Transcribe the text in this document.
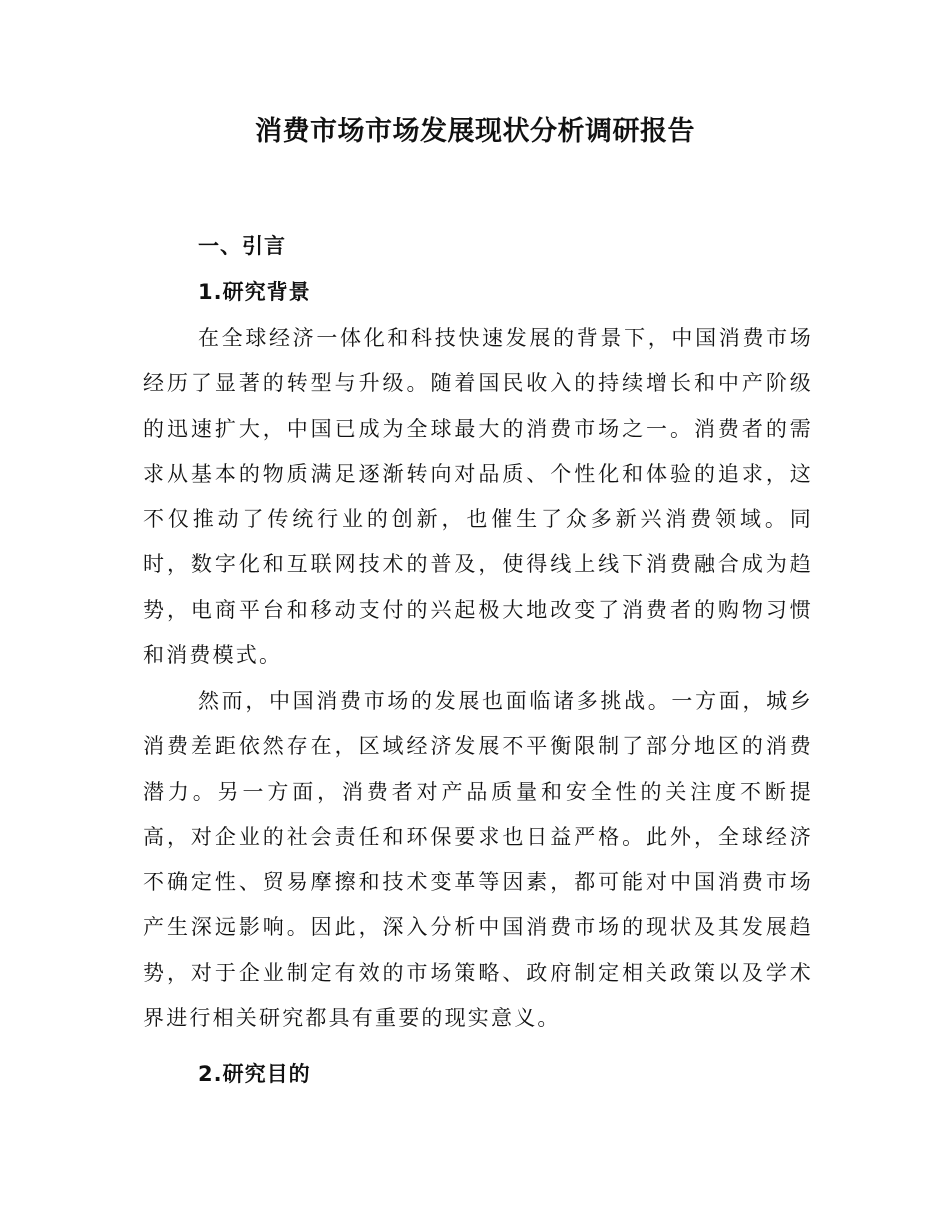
消费市场市场发展现状分析调研报告
一、引言
1.研究背景

在全球经济一体化和科技快速发展的背景下，中国消费市场经历了显著的转型与升级。随着国民收入的持续增长和中产阶级的迅速扩大，中国已成为全球最大的消费市场之一。消费者的需求从基本的物质满足逐渐转向对品质、个性化和体验的追求，这不仅推动了传统行业的创新，也催生了众多新兴消费领域。同时，数字化和互联网技术的普及，使得线上线下消费融合成为趋势，电商平台和移动支付的兴起极大地改变了消费者的购物习惯和消费模式。

然而，中国消费市场的发展也面临诸多挑战。一方面，城乡消费差距依然存在，区域经济发展不平衡限制了部分地区的消费潜力。另一方面，消费者对产品质量和安全性的关注度不断提高，对企业的社会责任和环保要求也日益严格。此外，全球经济不确定性、贸易摩擦和技术变革等因素，都可能对中国消费市场产生深远影响。因此，深入分析中国消费市场的现状及其发展趋势，对于企业制定有效的市场策略、政府制定相关政策以及学术界进行相关研究都具有重要的现实意义。

2.研究目的
